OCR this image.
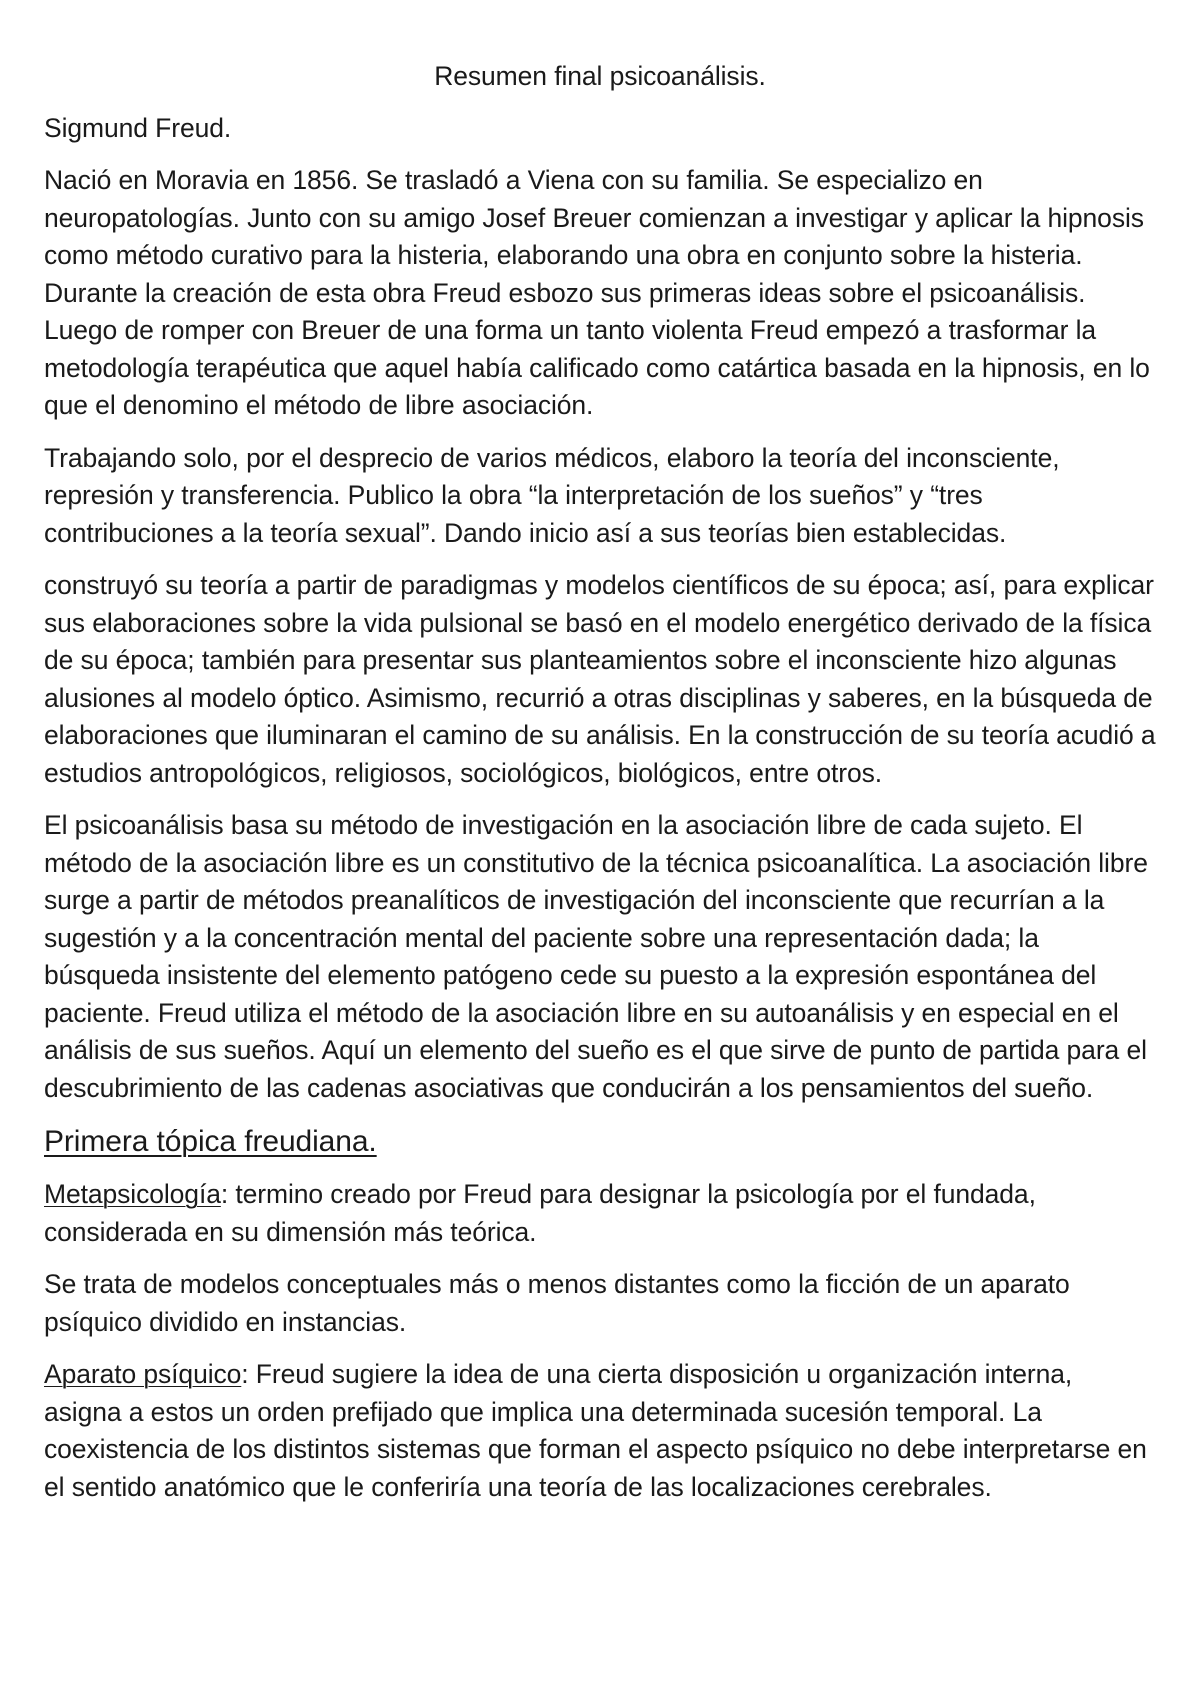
Resumen final psicoanálisis.
Sigmund Freud.
Nació en Moravia en 1856. Se trasladó a Viena con su familia. Se especializo en neuropatologías. Junto con su amigo Josef Breuer comienzan a investigar y aplicar la hipnosis como método curativo para la histeria, elaborando una obra en conjunto sobre la histeria. Durante la creación de esta obra Freud esbozo sus primeras ideas sobre el psicoanálisis. Luego de romper con Breuer de una forma un tanto violenta Freud empezó a trasformar la metodología terapéutica que aquel había calificado como catártica basada en la hipnosis, en lo que el denomino el método de libre asociación.
Trabajando solo, por el desprecio de varios médicos, elaboro la teoría del inconsciente, represión y transferencia. Publico la obra “la interpretación de los sueños” y “tres contribuciones a la teoría sexual”. Dando inicio así a sus teorías bien establecidas.
construyó su teoría a partir de paradigmas y modelos científicos de su época; así, para explicar sus elaboraciones sobre la vida pulsional se basó en el modelo energético derivado de la física de su época; también para presentar sus planteamientos sobre el inconsciente hizo algunas alusiones al modelo óptico. Asimismo, recurrió a otras disciplinas y saberes, en la búsqueda de elaboraciones que iluminaran el camino de su análisis. En la construcción de su teoría acudió a estudios antropológicos, religiosos, sociológicos, biológicos, entre otros.
El psicoanálisis basa su método de investigación en la asociación libre de cada sujeto. El método de la asociación libre es un constitutivo de la técnica psicoanalítica. La asociación libre surge a partir de métodos preanalíticos de investigación del inconsciente que recurrían a la sugestión y a la concentración mental del paciente sobre una representación dada; la búsqueda insistente del elemento patógeno cede su puesto a la expresión espontánea del paciente. Freud utiliza el método de la asociación libre en su autoanálisis y en especial en el análisis de sus sueños. Aquí un elemento del sueño es el que sirve de punto de partida para el descubrimiento de las cadenas asociativas que conducirán a los pensamientos del sueño.
Primera tópica freudiana.
Metapsicología: termino creado por Freud para designar la psicología por el fundada, considerada en su dimensión más teórica.
Se trata de modelos conceptuales más o menos distantes como la ficción de un aparato psíquico dividido en instancias.
Aparato psíquico: Freud sugiere la idea de una cierta disposición u organización interna, asigna a estos un orden prefijado que implica una determinada sucesión temporal. La coexistencia de los distintos sistemas que forman el aspecto psíquico no debe interpretarse en el sentido anatómico que le conferiría una teoría de las localizaciones cerebrales.
